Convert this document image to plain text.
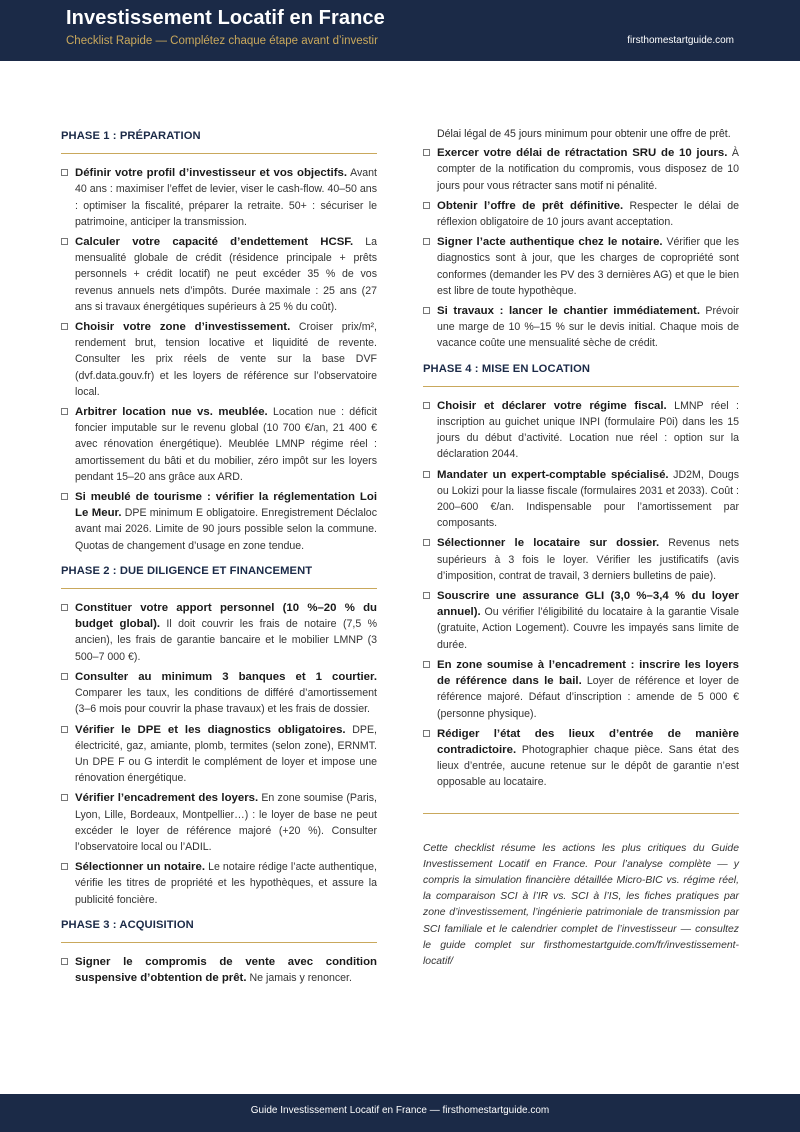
Investissement Locatif en France
Checklist Rapide — Complétez chaque étape avant d’investir	firsthomestartguide.com
PHASE 1 : PRÉPARATION
Définir votre profil d’investisseur et vos objectifs. Avant 40 ans : maximiser l’effet de levier, viser le cash-flow. 40–50 ans : optimiser la fiscalité, préparer la retraite. 50+ : sécuriser le patrimoine, anticiper la transmission.
Calculer votre capacité d’endettement HCSF. La mensualité globale de crédit (résidence principale + prêts personnels + crédit locatif) ne peut excéder 35 % de vos revenus annuels nets d’impôts. Durée maximale : 25 ans (27 ans si travaux énergétiques supérieurs à 25 % du coût).
Choisir votre zone d’investissement. Croiser prix/m², rendement brut, tension locative et liquidité de revente. Consulter les prix réels de vente sur la base DVF (dvf.data.gouv.fr) et les loyers de référence sur l’observatoire local.
Arbitrer location nue vs. meublée. Location nue : déficit foncier imputable sur le revenu global (10 700 €/an, 21 400 € avec rénovation énergétique). Meublée LMNP régime réel : amortissement du bâti et du mobilier, zéro impôt sur les loyers pendant 15–20 ans grâce aux ARD.
Si meublé de tourisme : vérifier la réglementation Loi Le Meur. DPE minimum E obligatoire. Enregistrement Déclaloc avant mai 2026. Limite de 90 jours possible selon la commune. Quotas de changement d’usage en zone tendue.
PHASE 2 : DUE DILIGENCE ET FINANCEMENT
Constituer votre apport personnel (10 %–20 % du budget global). Il doit couvrir les frais de notaire (7,5 % ancien), les frais de garantie bancaire et le mobilier LMNP (3 500–7 000 €).
Consulter au minimum 3 banques et 1 courtier. Comparer les taux, les conditions de différé d’amortissement (3–6 mois pour couvrir la phase travaux) et les frais de dossier.
Vérifier le DPE et les diagnostics obligatoires. DPE, électricité, gaz, amiante, plomb, termites (selon zone), ERNMT. Un DPE F ou G interdit le complément de loyer et impose une rénovation énergétique.
Vérifier l’encadrement des loyers. En zone soumise (Paris, Lyon, Lille, Bordeaux, Montpellier…) : le loyer de base ne peut excéder le loyer de référence majoré (+20 %). Consulter l’observatoire local ou l’ADIL.
Sélectionner un notaire. Le notaire rédige l’acte authentique, vérifie les titres de propriété et les hypothèques, et assure la publicité foncière.
PHASE 3 : ACQUISITION
Signer le compromis de vente avec condition suspensive d’obtention de prêt. Ne jamais y renoncer.
Délai légal de 45 jours minimum pour obtenir une offre de prêt.
Exercer votre délai de rétractation SRU de 10 jours. À compter de la notification du compromis, vous disposez de 10 jours pour vous rétracter sans motif ni pénalité.
Obtenir l’offre de prêt définitive. Respecter le délai de réflexion obligatoire de 10 jours avant acceptation.
Signer l’acte authentique chez le notaire. Vérifier que les diagnostics sont à jour, que les charges de copropriété sont conformes (demander les PV des 3 dernières AG) et que le bien est libre de toute hypothèque.
Si travaux : lancer le chantier immédiatement. Prévoir une marge de 10 %–15 % sur le devis initial. Chaque mois de vacance coûte une mensualité sèche de crédit.
PHASE 4 : MISE EN LOCATION
Choisir et déclarer votre régime fiscal. LMNP réel : inscription au guichet unique INPI (formulaire P0i) dans les 15 jours du début d’activité. Location nue réel : option sur la déclaration 2044.
Mandater un expert-comptable spécialisé. JD2M, Dougs ou Lokizi pour la liasse fiscale (formulaires 2031 et 2033). Coût : 200–600 €/an. Indispensable pour l’amortissement par composants.
Sélectionner le locataire sur dossier. Revenus nets supérieurs à 3 fois le loyer. Vérifier les justificatifs (avis d’imposition, contrat de travail, 3 derniers bulletins de paie).
Souscrire une assurance GLI (3,0 %–3,4 % du loyer annuel). Ou vérifier l’éligibilité du locataire à la garantie Visale (gratuite, Action Logement). Couvre les impayés sans limite de durée.
En zone soumise à l’encadrement : inscrire les loyers de référence dans le bail. Loyer de référence et loyer de référence majoré. Défaut d’inscription : amende de 5 000 € (personne physique).
Rédiger l’état des lieux d’entrée de manière contradictoire. Photographier chaque pièce. Sans état des lieux d’entrée, aucune retenue sur le dépôt de garantie n’est opposable au locataire.
Cette checklist résume les actions les plus critiques du Guide Investissement Locatif en France. Pour l’analyse complète — y compris la simulation financière détaillée Micro-BIC vs. régime réel, la comparaison SCI à l’IR vs. SCI à l’IS, les fiches pratiques par zone d’investissement, l’ingénierie patrimoniale de transmission par SCI familiale et le calendrier complet de l’investisseur — consultez le guide complet sur firsthomestartguide.com/fr/investissement-locatif/
Guide Investissement Locatif en France — firsthomestartguide.com
